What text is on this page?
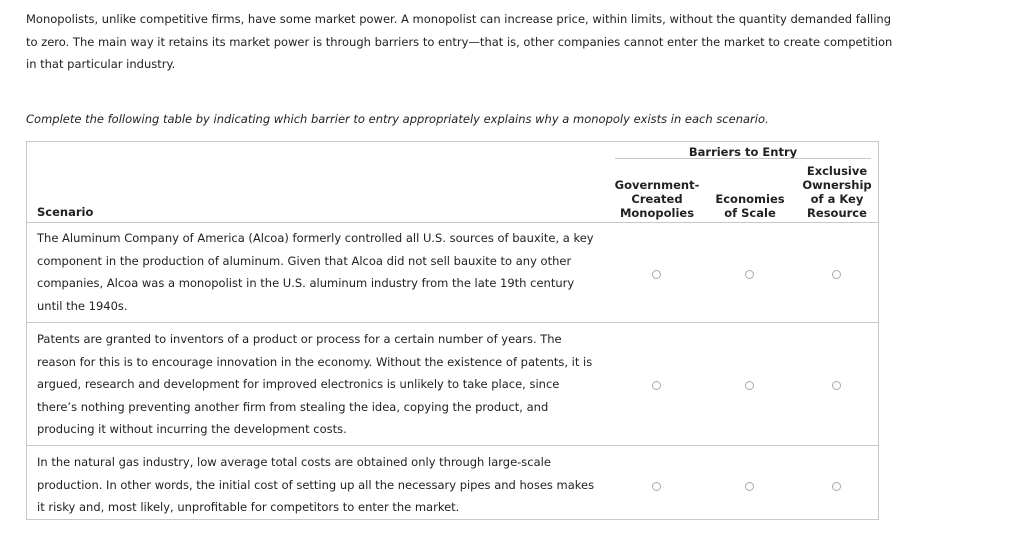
Monopolists, unlike competitive firms, have some market power. A monopolist can increase price, within limits, without the quantity demanded falling to zero. The main way it retains its market power is through barriers to entry—that is, other companies cannot enter the market to create competition in that particular industry.

Complete the following table by indicating which barrier to entry appropriately explains why a monopoly exists in each scenario.

Scenario
Barriers to Entry
Government-
Created
Monopolies
Economies
of Scale
Exclusive
Ownership
of a Key
Resource

The Aluminum Company of America (Alcoa) formerly controlled all U.S. sources of bauxite, a key component in the production of aluminum. Given that Alcoa did not sell bauxite to any other companies, Alcoa was a monopolist in the U.S. aluminum industry from the late 19th century until the 1940s.

Patents are granted to inventors of a product or process for a certain number of years. The reason for this is to encourage innovation in the economy. Without the existence of patents, it is argued, research and development for improved electronics is unlikely to take place, since there’s nothing preventing another firm from stealing the idea, copying the product, and producing it without incurring the development costs.

In the natural gas industry, low average total costs are obtained only through large-scale production. In other words, the initial cost of setting up all the necessary pipes and hoses makes it risky and, most likely, unprofitable for competitors to enter the market.
